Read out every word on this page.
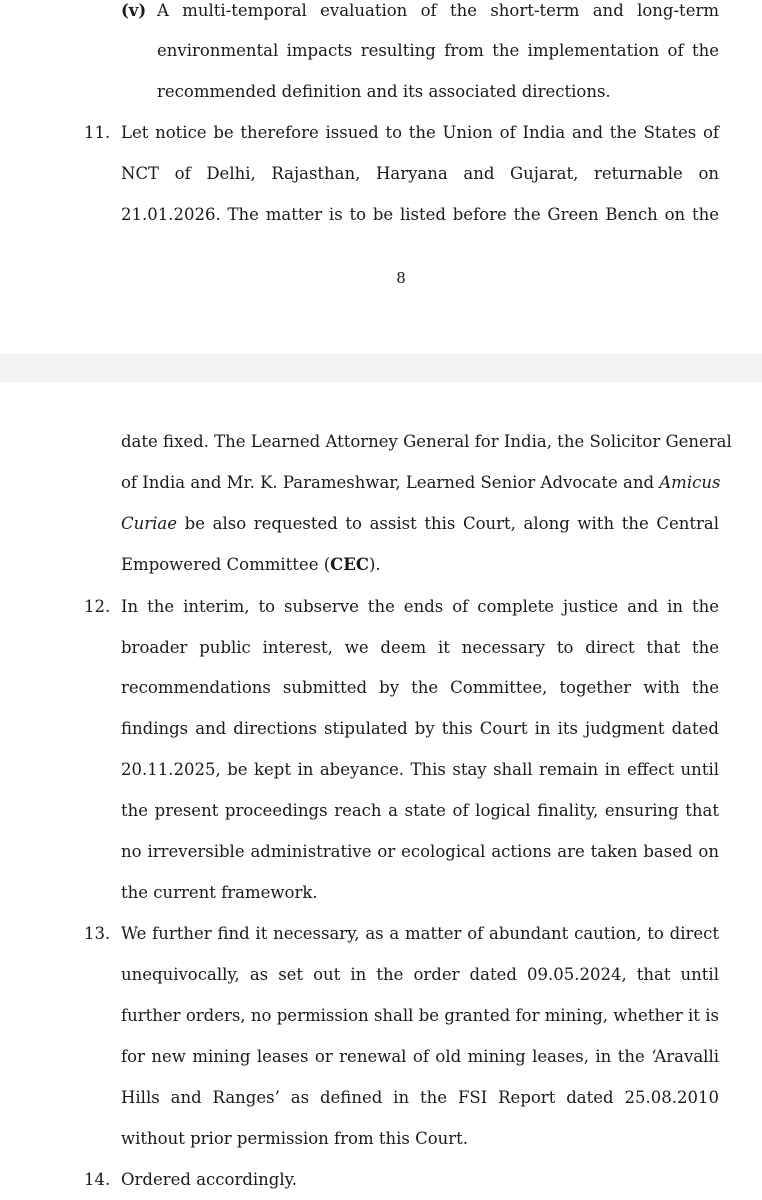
(v) A multi-temporal evaluation of the short-term and long-term
environmental impacts resulting from the implementation of the
recommended definition and its associated directions.
11. Let notice be therefore issued to the Union of India and the States of
NCT of Delhi, Rajasthan, Haryana and Gujarat, returnable on
21.01.2026. The matter is to be listed before the Green Bench on the
8
date fixed. The Learned Attorney General for India, the Solicitor General
of India and Mr. K. Parameshwar, Learned Senior Advocate and Amicus
Curiae be also requested to assist this Court, along with the Central
Empowered Committee (CEC).
12. In the interim, to subserve the ends of complete justice and in the
broader public interest, we deem it necessary to direct that the
recommendations submitted by the Committee, together with the
findings and directions stipulated by this Court in its judgment dated
20.11.2025, be kept in abeyance. This stay shall remain in effect until
the present proceedings reach a state of logical finality, ensuring that
no irreversible administrative or ecological actions are taken based on
the current framework.
13. We further find it necessary, as a matter of abundant caution, to direct
unequivocally, as set out in the order dated 09.05.2024, that until
further orders, no permission shall be granted for mining, whether it is
for new mining leases or renewal of old mining leases, in the ‘Aravalli
Hills and Ranges’ as defined in the FSI Report dated 25.08.2010
without prior permission from this Court.
14. Ordered accordingly.
